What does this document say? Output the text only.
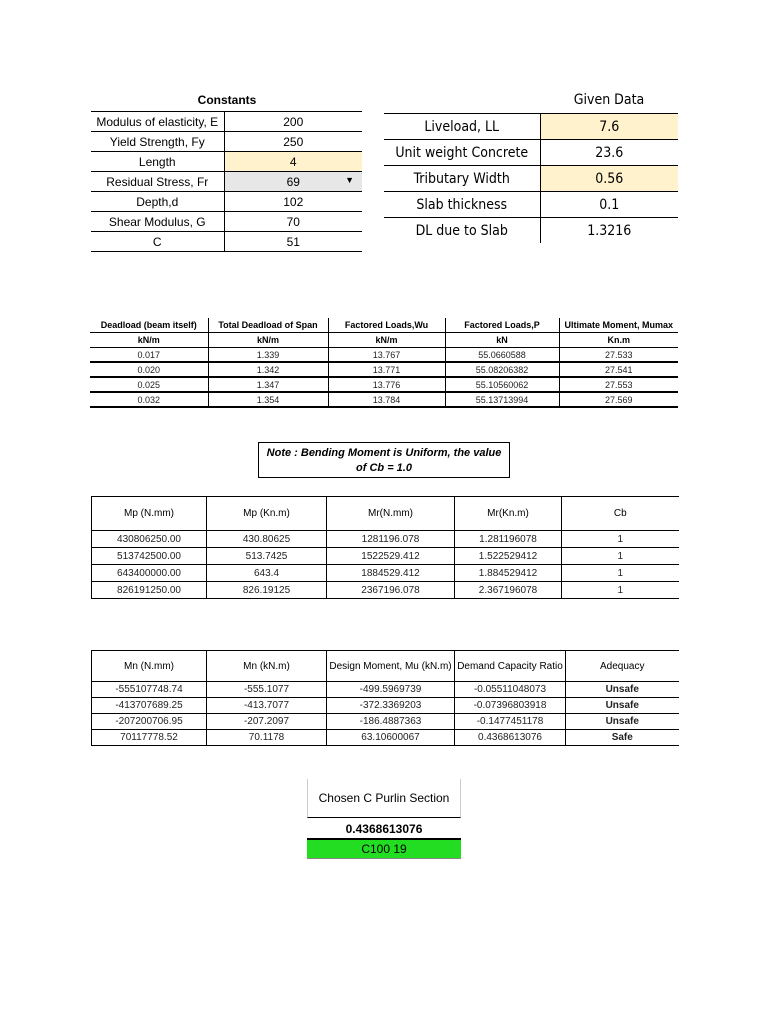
Constants
Modulus of elasticity, E	200
Yield Strength, Fy	250
Length	4
Residual Stress, Fr	69 ▼

Depth,d	102
Shear Modulus, G	70
C	51
Given Data
Liveload, LL	7.6
Unit weight Concrete	23.6
Tributary Width	0.56
Slab thickness	0.1
DL due to Slab	1.3216
Deadload (beam itself)	Total Deadload of Span	Factored Loads,Wu	Factored Loads,P	Ultimate Moment, Mumax
kN/m	kN/m	kN/m	kN	Kn.m
0.017	1.339	13.767	55.0660588	27.533
0.020	1.342	13.771	55.08206382	27.541
0.025	1.347	13.776	55.10560062	27.553
0.032	1.354	13.784	55.13713994	27.569
Note : Bending Moment is Uniform, the value
of Cb = 1.0
Mp (N.mm)	Mp (Kn.m)	Mr(N.mm)	Mr(Kn.m)	Cb
430806250.00	430.80625	1281196.078	1.281196078	1
513742500.00	513.7425	1522529.412	1.522529412	1
643400000.00	643.4	1884529.412	1.884529412	1
826191250.00	826.19125	2367196.078	2.367196078	1
Mn (N.mm)	Mn (kN.m)	Design Moment, Mu (kN.m)	Demand Capacity Ratio	Adequacy
-555107748.74	-555.1077	-499.5969739	-0.05511048073	Unsafe
-413707689.25	-413.7077	-372.3369203	-0.07396803918	Unsafe
-207200706.95	-207.2097	-186.4887363	-0.1477451178	Unsafe
70117778.52	70.1178	63.10600067	0.4368613076	Safe
Chosen C Purlin Section
0.4368613076
C100 19
